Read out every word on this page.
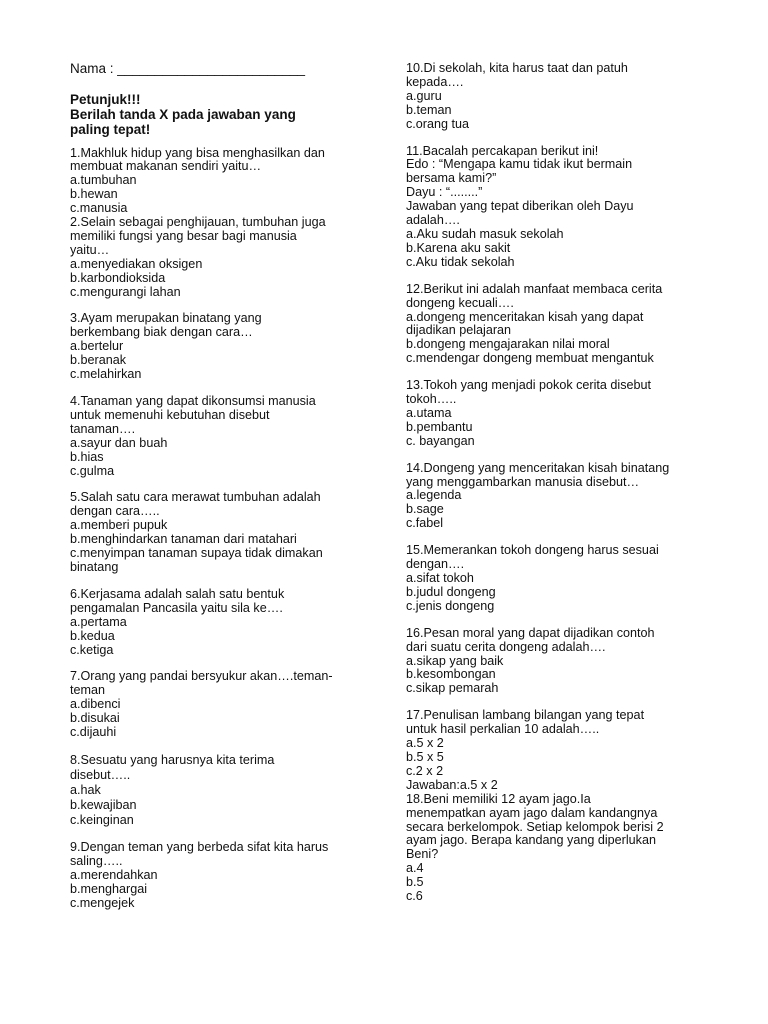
Nama : _________________________
Petunjuk!!!
Berilah tanda X pada jawaban yang
paling tepat!
1.Makhluk hidup yang bisa menghasilkan dan
membuat makanan sendiri yaitu…
a.tumbuhan
b.hewan
c.manusia
2.Selain sebagai penghijauan, tumbuhan juga
memiliki fungsi yang besar bagi manusia
yaitu…
a.menyediakan oksigen
b.karbondioksida
c.mengurangi lahan
3.Ayam merupakan binatang yang
berkembang biak dengan cara…
a.bertelur
b.beranak
c.melahirkan
4.Tanaman yang dapat dikonsumsi manusia
untuk memenuhi kebutuhan disebut
tanaman….
a.sayur dan buah
b.hias
c.gulma
5.Salah satu cara merawat tumbuhan adalah
dengan cara…..
a.memberi pupuk
b.menghindarkan tanaman dari matahari
c.menyimpan tanaman supaya tidak dimakan
binatang
6.Kerjasama adalah salah satu bentuk
pengamalan Pancasila yaitu sila ke….
a.pertama
b.kedua
c.ketiga
7.Orang yang pandai bersyukur akan….teman-
teman
a.dibenci
b.disukai
c.dijauhi
8.Sesuatu yang harusnya kita terima
disebut…..
a.hak
b.kewajiban
c.keinginan
9.Dengan teman yang berbeda sifat kita harus
saling…..
a.merendahkan
b.menghargai
c.mengejek
10.Di sekolah, kita harus taat dan patuh
kepada….
a.guru
b.teman
c.orang tua
11.Bacalah percakapan berikut ini!
Edo : “Mengapa kamu tidak ikut bermain
bersama kami?”
Dayu : “........”
Jawaban yang tepat diberikan oleh Dayu
adalah….
a.Aku sudah masuk sekolah
b.Karena aku sakit
c.Aku tidak sekolah
12.Berikut ini adalah manfaat membaca cerita
dongeng kecuali….
a.dongeng menceritakan kisah yang dapat
dijadikan pelajaran
b.dongeng mengajarakan nilai moral
c.mendengar dongeng membuat mengantuk
13.Tokoh yang menjadi pokok cerita disebut
tokoh…..
a.utama
b.pembantu
c. bayangan
14.Dongeng yang menceritakan kisah binatang
yang menggambarkan manusia disebut…
a.legenda
b.sage
c.fabel
15.Memerankan tokoh dongeng harus sesuai
dengan….
a.sifat tokoh
b.judul dongeng
c.jenis dongeng
16.Pesan moral yang dapat dijadikan contoh
dari suatu cerita dongeng adalah….
a.sikap yang baik
b.kesombongan
c.sikap pemarah
17.Penulisan lambang bilangan yang tepat
untuk hasil perkalian 10 adalah…..
a.5 x 2
b.5 x 5
c.2 x 2
Jawaban:a.5 x 2
18.Beni memiliki 12 ayam jago.Ia
menempatkan ayam jago dalam kandangnya
secara berkelompok. Setiap kelompok berisi 2
ayam jago. Berapa kandang yang diperlukan
Beni?
a.4
b.5
c.6
